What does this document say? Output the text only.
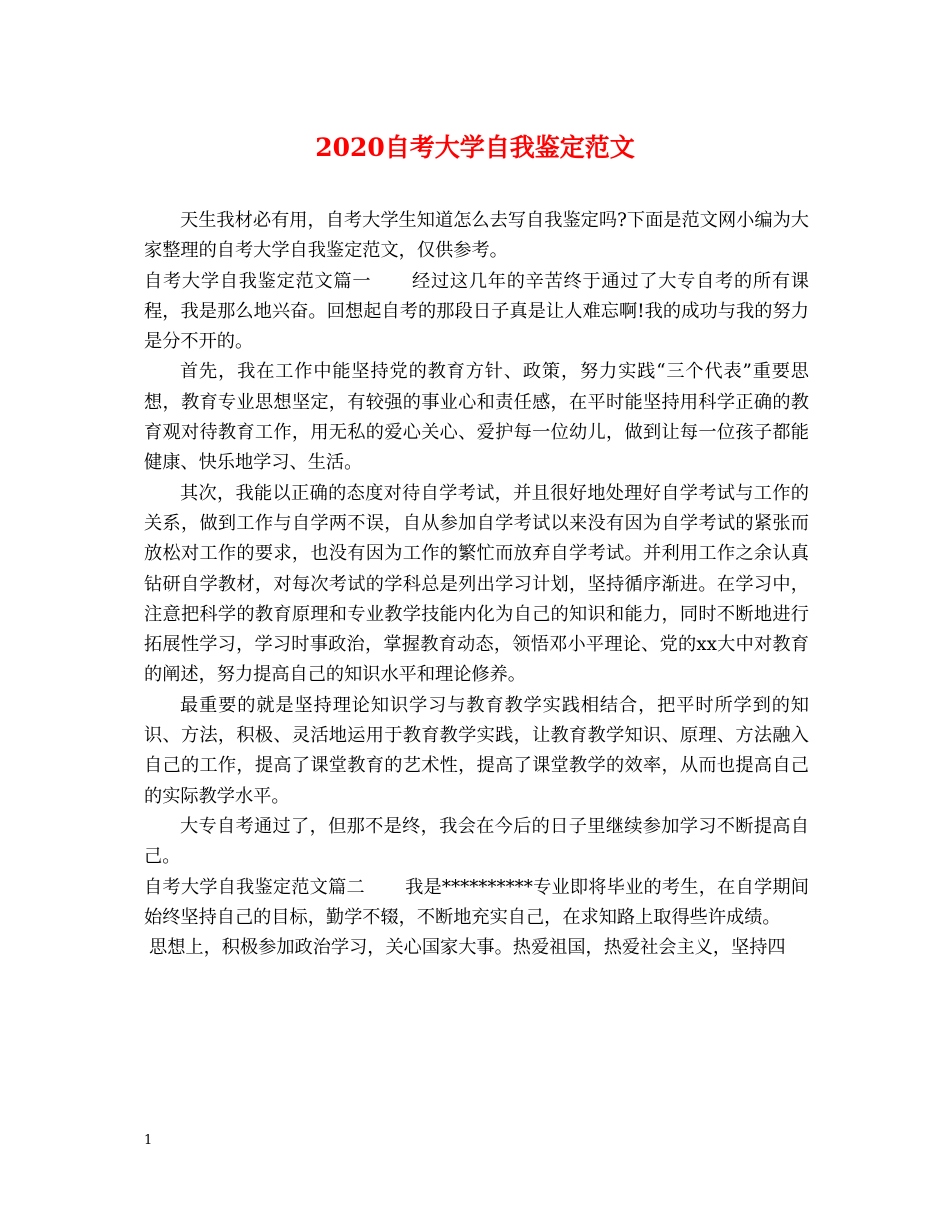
2020自考大学自我鉴定范文

天生我材必有用，自考大学生知道怎么去写自我鉴定吗?下面是范文网小编为大家整理的自考大学自我鉴定范文，仅供参考。

自考大学自我鉴定范文篇一 经过这几年的辛苦终于通过了大专自考的所有课程，我是那么地兴奋。回想起自考的那段日子真是让人难忘啊!我的成功与我的努力是分不开的。

首先，我在工作中能坚持党的教育方针、政策，努力实践“三个代表”重要思想，教育专业思想坚定，有较强的事业心和责任感，在平时能坚持用科学正确的教育观对待教育工作，用无私的爱心关心、爱护每一位幼儿，做到让每一位孩子都能健康、快乐地学习、生活。

其次，我能以正确的态度对待自学考试，并且很好地处理好自学考试与工作的关系，做到工作与自学两不误，自从参加自学考试以来没有因为自学考试的紧张而放松对工作的要求，也没有因为工作的繁忙而放弃自学考试。并利用工作之余认真钻研自学教材，对每次考试的学科总是列出学习计划，坚持循序渐进。在学习中，注意把科学的教育原理和专业教学技能内化为自己的知识和能力，同时不断地进行拓展性学习，学习时事政治，掌握教育动态，领悟邓小平理论、党的xx大中对教育的阐述，努力提高自己的知识水平和理论修养。

最重要的就是坚持理论知识学习与教育教学实践相结合，把平时所学到的知识、方法，积极、灵活地运用于教育教学实践，让教育教学知识、原理、方法融入自己的工作，提高了课堂教育的艺术性，提高了课堂教学的效率，从而也提高自己的实际教学水平。

大专自考通过了，但那不是终，我会在今后的日子里继续参加学习不断提高自己。

自考大学自我鉴定范文篇二 我是**********专业即将毕业的考生，在自学期间始终坚持自己的目标，勤学不辍，不断地充实自己，在求知路上取得些许成绩。

思想上，积极参加政治学习，关心国家大事。热爱祖国，热爱社会主义，坚持四

1
